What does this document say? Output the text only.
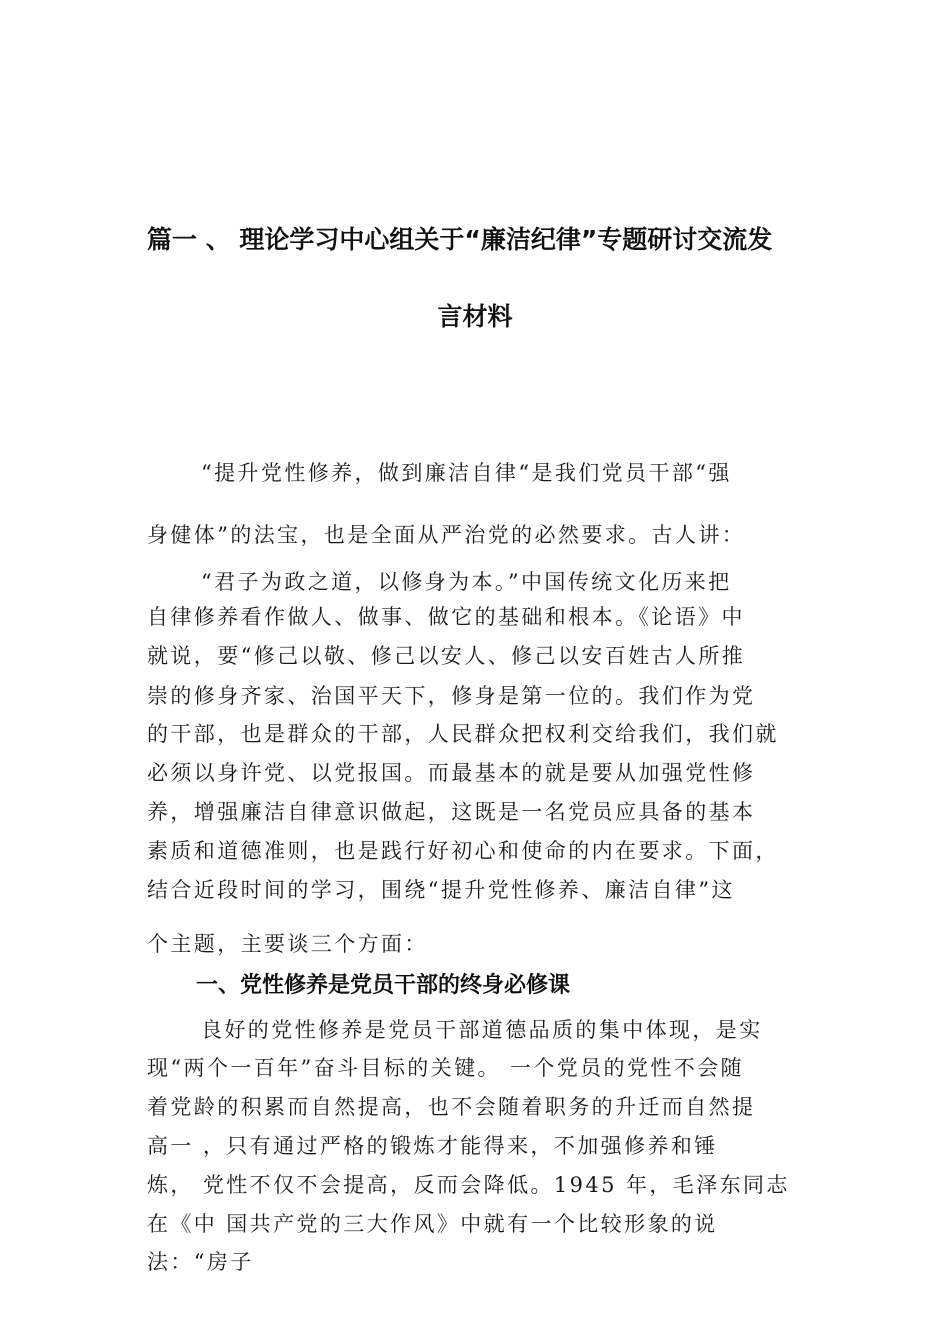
篇一 、 理论学习中心组关于“廉洁纪律”专题研讨交流发
言材料
“提升党性修养，做到廉洁自律“是我们党员干部“强
身健体”的法宝，也是全面从严治党的必然要求。古人讲：
“君子为政之道，以修身为本。”中国传统文化历来把
自律修养看作做人、做事、做它的基础和根本。《论语》中
就说，要“修己以敬、修己以安人、修己以安百姓古人所推
崇的修身齐家、治国平天下，修身是第一位的。我们作为党
的干部，也是群众的干部，人民群众把权利交给我们，我们就
必须以身许党、以党报国。而最基本的就是要从加强党性修
养，增强廉洁自律意识做起，这既是一名党员应具备的基本
素质和道德准则，也是践行好初心和使命的内在要求。下面，
结合近段时间的学习，围绕“提升党性修养、廉洁自律”这
个主题，主要谈三个方面：
一、党性修养是党员干部的终身必修课
良好的党性修养是党员干部道德品质的集中体现，是实
现“两个一百年”奋斗目标的关键。 一个党员的党性不会随
着党龄的积累而自然提高，也不会随着职务的升迁而自然提
高一 ，只有通过严格的锻炼才能得来，不加强修养和锤
炼， 党性不仅不会提高，反而会降低。1945 年，毛泽东同志
在《中 国共产党的三大作风》中就有一个比较形象的说
法：“房子
